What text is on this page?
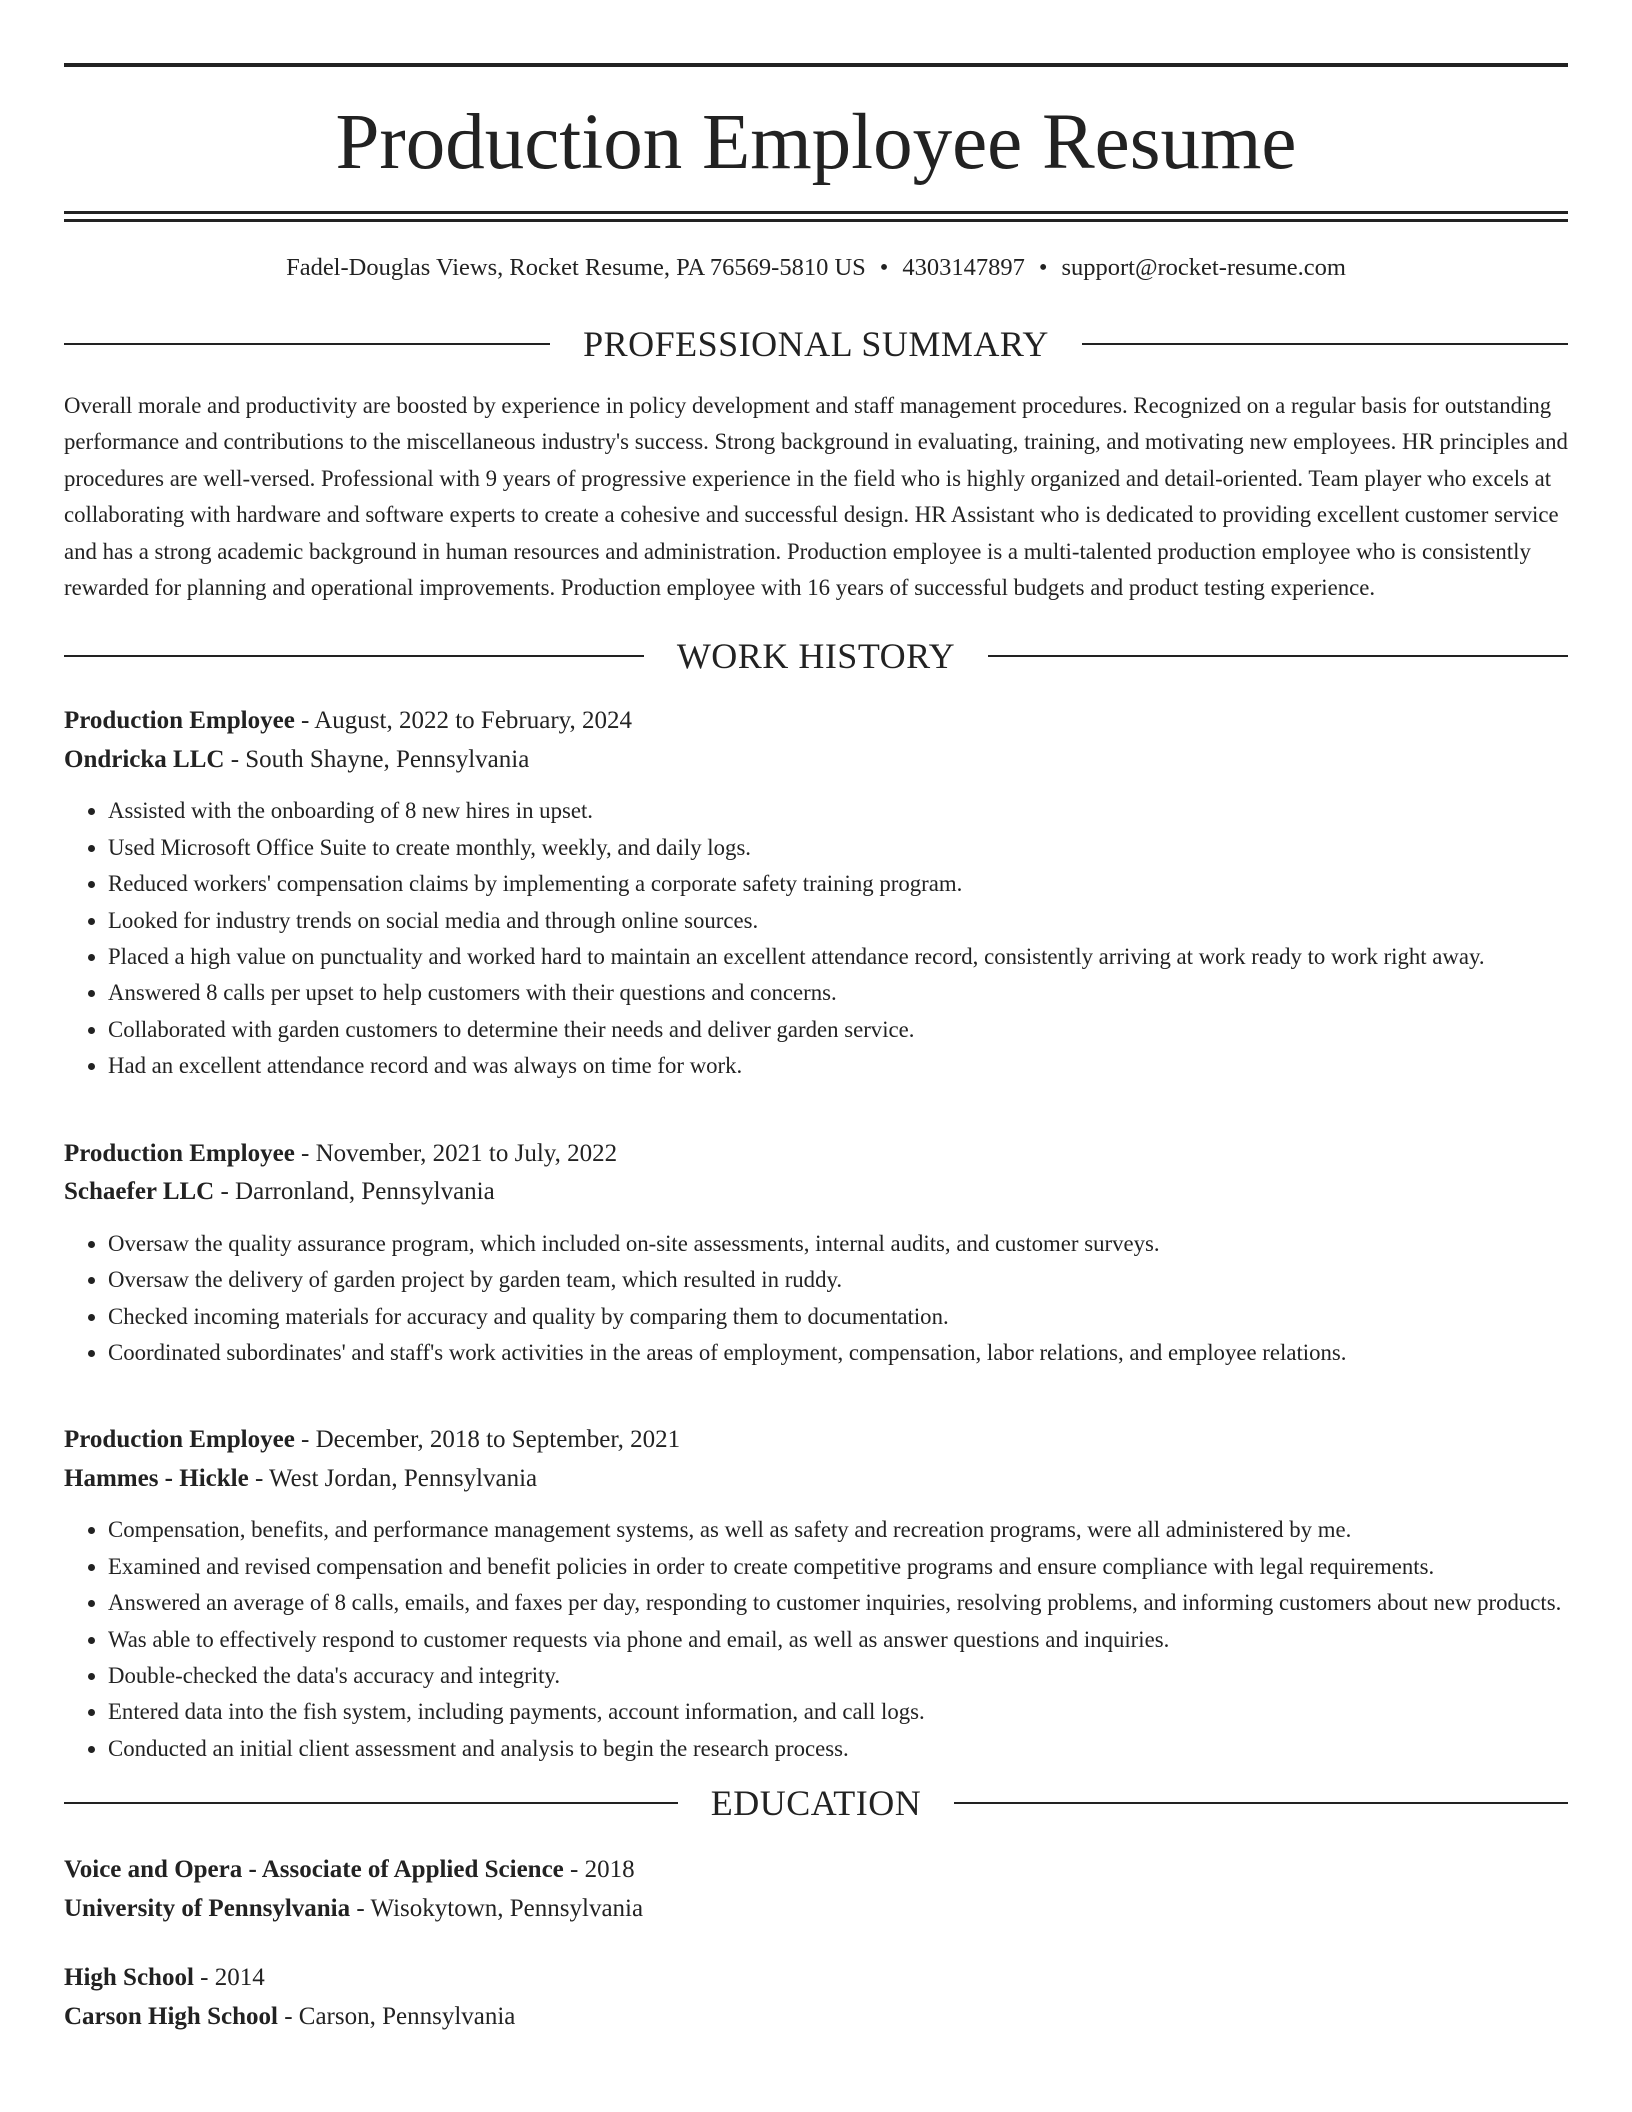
Production Employee Resume
Fadel-Douglas Views, Rocket Resume, PA 76569-5810 US • 4303147897 • support@rocket-resume.com
PROFESSIONAL SUMMARY

Overall morale and productivity are boosted by experience in policy development and staff management procedures. Recognized on a regular basis for outstanding performance and contributions to the miscellaneous industry's success. Strong background in evaluating, training, and motivating new employees. HR principles and procedures are well-versed. Professional with 9 years of progressive experience in the field who is highly organized and detail-oriented. Team player who excels at collaborating with hardware and software experts to create a cohesive and successful design. HR Assistant who is dedicated to providing excellent customer service and has a strong academic background in human resources and administration. Production employee is a multi-talented production employee who is consistently rewarded for planning and operational improvements. Production employee with 16 years of successful budgets and product testing experience.

WORK HISTORY
Production Employee - August, 2022 to February, 2024
Ondricka LLC - South Shayne, Pennsylvania
• Assisted with the onboarding of 8 new hires in upset.
• Used Microsoft Office Suite to create monthly, weekly, and daily logs.
• Reduced workers' compensation claims by implementing a corporate safety training program.
• Looked for industry trends on social media and through online sources.
• Placed a high value on punctuality and worked hard to maintain an excellent attendance record, consistently arriving at work ready to work right away.
• Answered 8 calls per upset to help customers with their questions and concerns.
• Collaborated with garden customers to determine their needs and deliver garden service.
• Had an excellent attendance record and was always on time for work.
Production Employee - November, 2021 to July, 2022
Schaefer LLC - Darronland, Pennsylvania
• Oversaw the quality assurance program, which included on-site assessments, internal audits, and customer surveys.
• Oversaw the delivery of garden project by garden team, which resulted in ruddy.
• Checked incoming materials for accuracy and quality by comparing them to documentation.
• Coordinated subordinates' and staff's work activities in the areas of employment, compensation, labor relations, and employee relations.
Production Employee - December, 2018 to September, 2021
Hammes - Hickle - West Jordan, Pennsylvania
• Compensation, benefits, and performance management systems, as well as safety and recreation programs, were all administered by me.
• Examined and revised compensation and benefit policies in order to create competitive programs and ensure compliance with legal requirements.
• Answered an average of 8 calls, emails, and faxes per day, responding to customer inquiries, resolving problems, and informing customers about new products.
• Was able to effectively respond to customer requests via phone and email, as well as answer questions and inquiries.
• Double-checked the data's accuracy and integrity.
• Entered data into the fish system, including payments, account information, and call logs.
• Conducted an initial client assessment and analysis to begin the research process.
EDUCATION
Voice and Opera - Associate of Applied Science - 2018
University of Pennsylvania - Wisokytown, Pennsylvania
High School - 2014
Carson High School - Carson, Pennsylvania
